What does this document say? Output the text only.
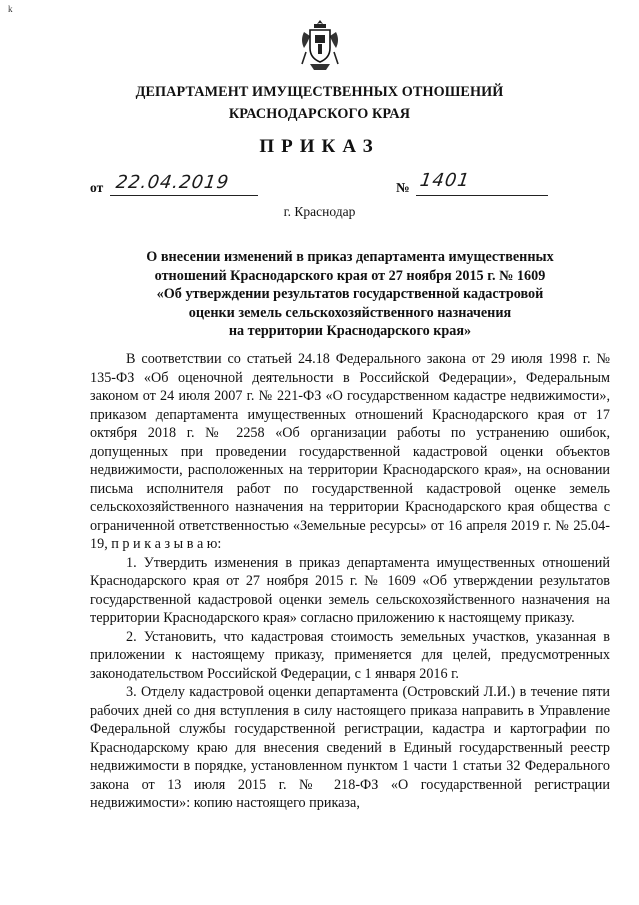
k
ДЕПАРТАМЕНТ ИМУЩЕСТВЕННЫХ ОТНОШЕНИЙ
КРАСНОДАРСКОГО КРАЯ
ПРИКАЗ
от 22.04.2019	№ 1401
г. Краснодар
О внесении изменений в приказ департамента имущественных
отношений Краснодарского края от 27 ноября 2015 г. № 1609
«Об утверждении результатов государственной кадастровой
оценки земель сельскохозяйственного назначения
на территории Краснодарского края»

В соответствии со статьей 24.18 Федерального закона от 29 июля 1998 г. № 135-ФЗ «Об оценочной деятельности в Российской Федерации», Федеральным законом от 24 июля 2007 г. № 221-ФЗ «О государственном кадастре недвижимости», приказом департамента имущественных отношений Краснодарского края от 17 октября 2018 г. № 2258 «Об организации работы по устранению ошибок, допущенных при проведении государственной кадастровой оценки объектов недвижимости, расположенных на территории Краснодарского края», на основании письма исполнителя работ по государственной кадастровой оценке земель сельскохозяйственного назначения на территории Краснодарского края общества с ограниченной ответственностью «Земельные ресурсы» от 16 апреля 2019 г. № 25.04-19, п р и к а з ы в а ю:

1. Утвердить изменения в приказ департамента имущественных отношений Краснодарского края от 27 ноября 2015 г. № 1609 «Об утверждении результатов государственной кадастровой оценки земель сельскохозяйственного назначения на территории Краснодарского края» согласно приложению к настоящему приказу.

2. Установить, что кадастровая стоимость земельных участков, указанная в приложении к настоящему приказу, применяется для целей, предусмотренных законодательством Российской Федерации, с 1 января 2016 г.

3. Отделу кадастровой оценки департамента (Островский Л.И.) в течение пяти рабочих дней со дня вступления в силу настоящего приказа направить в Управление Федеральной службы государственной регистрации, кадастра и картографии по Краснодарскому краю для внесения сведений в Единый государственный реестр недвижимости в порядке, установленном пунктом 1 части 1 статьи 32 Федерального закона от 13 июля 2015 г. № 218-ФЗ «О государственной регистрации недвижимости»: копию настоящего приказа,
